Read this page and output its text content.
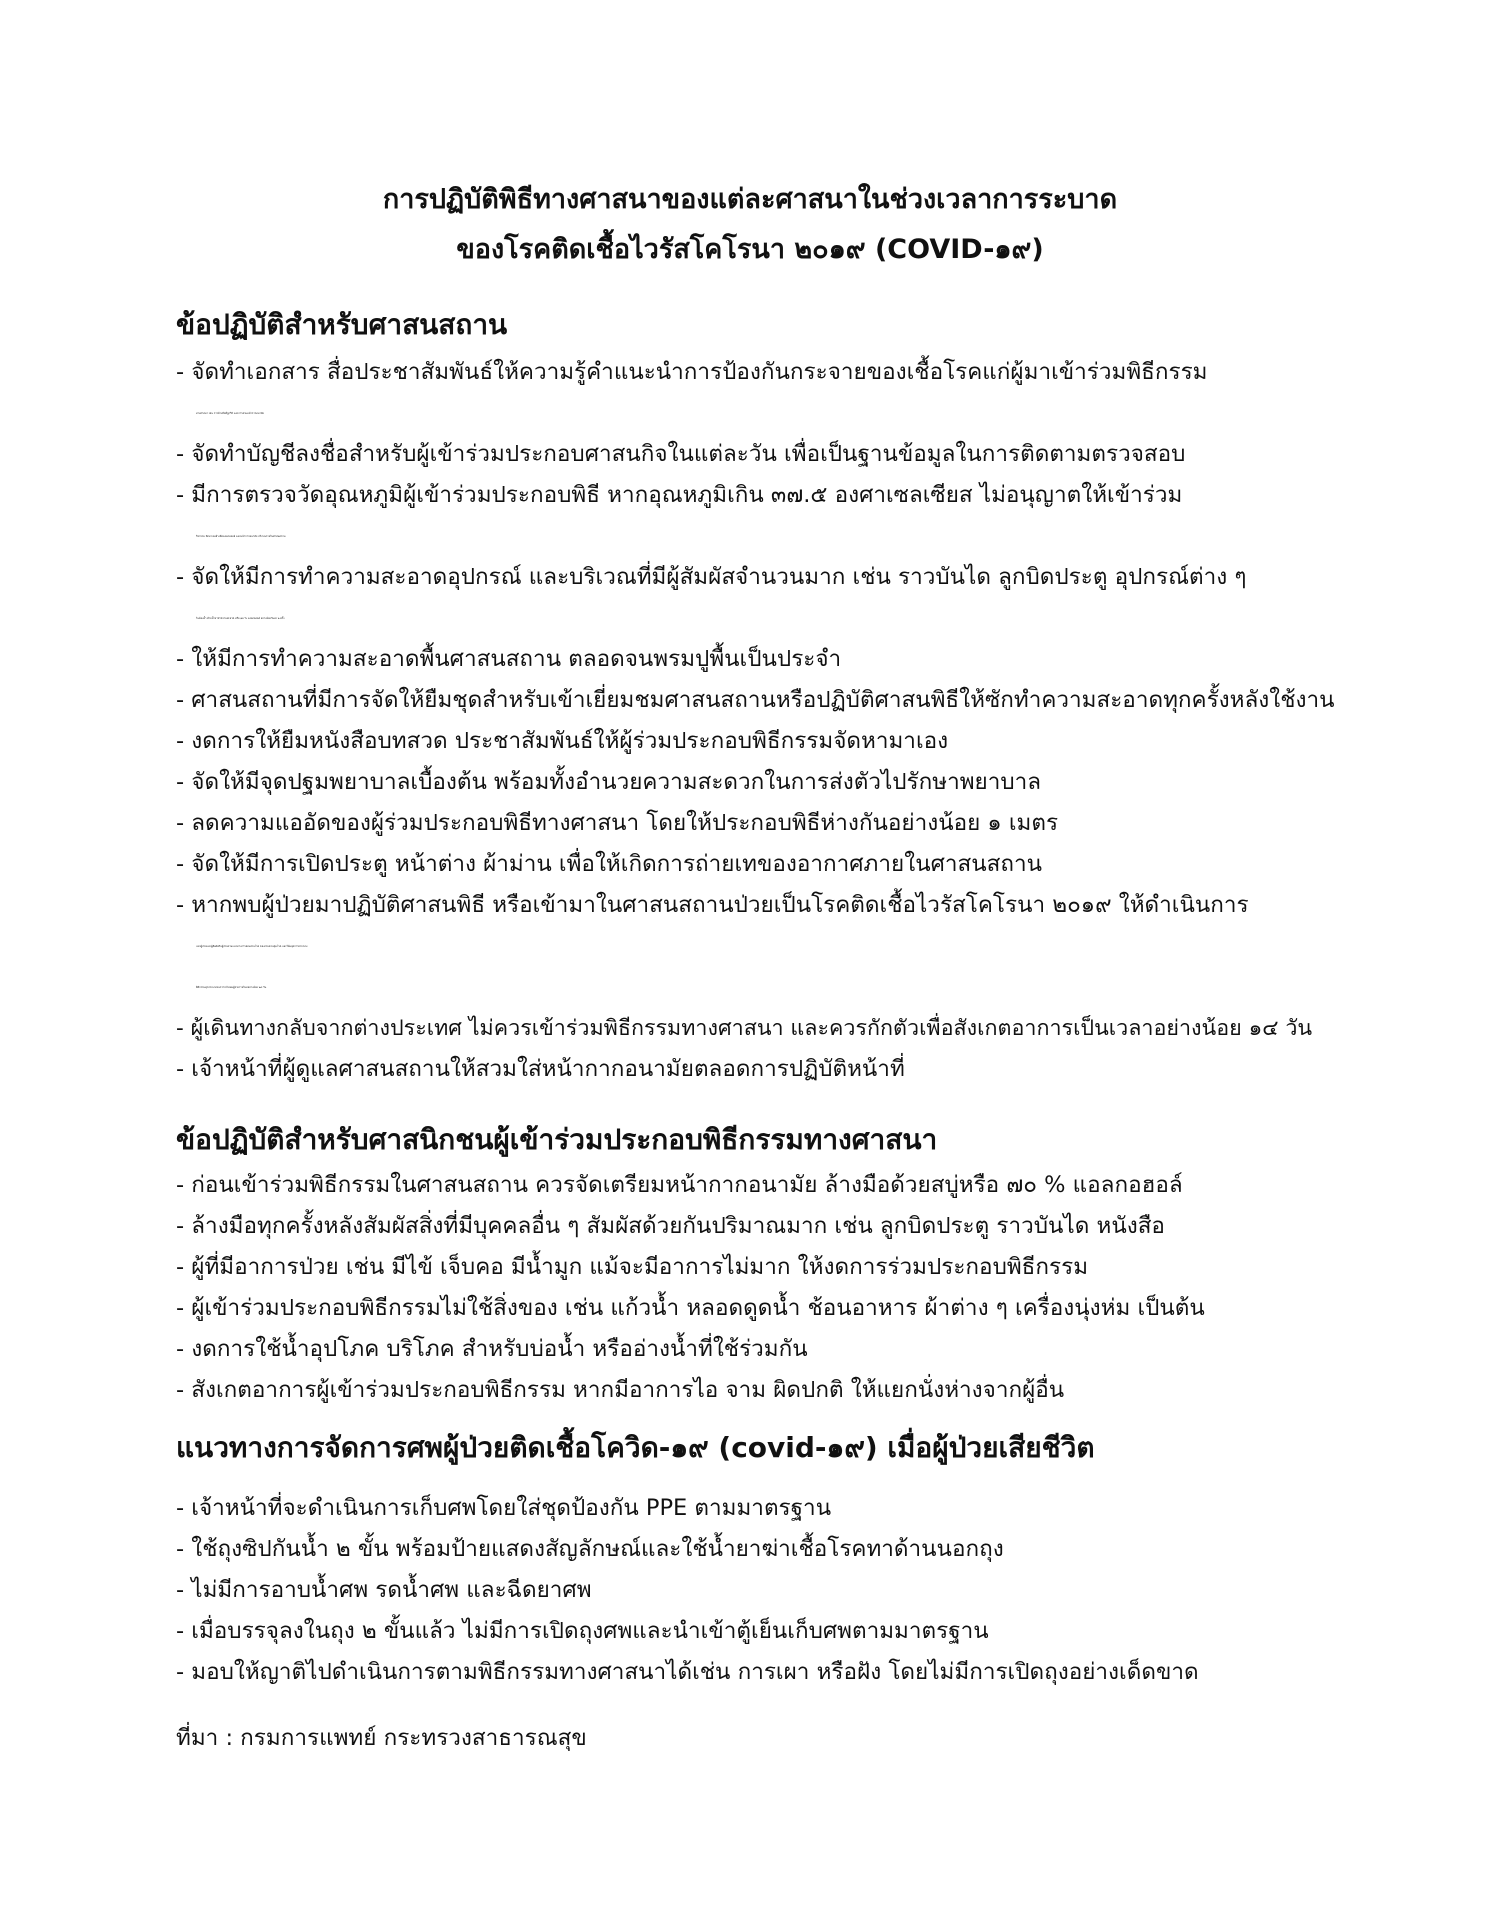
การปฏิบัติพิธีทางศาสนาของแต่ละศาสนาในช่วงเวลาการระบาด
ของโรคติดเชื้อไวรัสโคโรนา ๒๐๑๙ (COVID-๑๙)
ข้อปฏิบัติสำหรับศาสนสถาน
- จัดทำเอกสาร สื่อประชาสัมพันธ์ให้ความรู้คำแนะนำการป้องกันกระจายของเชื้อโรคแก่ผู้มาเข้าร่วมพิธีกรรม
ทางศาสนา เช่น การล้างมือที่ถูกวิธี และการสวมหน้ากากอนามัย
- จัดทำบัญชีลงชื่อสำหรับผู้เข้าร่วมประกอบศาสนกิจในแต่ละวัน เพื่อเป็นฐานข้อมูลในการติดตามตรวจสอบ
- มีการตรวจวัดอุณหภูมิผู้เข้าร่วมประกอบพิธี หากอุณหภูมิเกิน ๓๗.๕ องศาเซลเซียส ไม่อนุญาตให้เข้าร่วม
กิจกรรม จัดหาเจลล้างมือแอลกอฮอล์ และหน้ากากอนามัย บริเวณภายในศาสนสถาน
- จัดให้มีการทำความสะอาดอุปกรณ์ และบริเวณที่มีผู้สัมผัสจำนวนมาก เช่น ราวบันได ลูกบิดประตู อุปกรณ์ต่าง ๆ
ในห้องน้ำ ด้วยน้ำยาทำความสะอาด หรือ ๗๐ % แอลกอฮอล์ อย่างน้อยวันละ ๒ ครั้ง
- ให้มีการทำความสะอาดพื้นศาสนสถาน ตลอดจนพรมปูพื้นเป็นประจำ
- ศาสนสถานที่มีการจัดให้ยืมชุดสำหรับเข้าเยี่ยมชมศาสนสถานหรือปฏิบัติศาสนพิธีให้ซักทำความสะอาดทุกครั้งหลังใช้งาน
- งดการให้ยืมหนังสือบทสวด ประชาสัมพันธ์ให้ผู้ร่วมประกอบพิธีกรรมจัดหามาเอง
- จัดให้มีจุดปฐมพยาบาลเบื้องต้น พร้อมทั้งอำนวยความสะดวกในการส่งตัวไปรักษาพยาบาล
- ลดความแออัดของผู้ร่วมประกอบพิธีทางศาสนา โดยให้ประกอบพิธีห่างกันอย่างน้อย ๑ เมตร
- จัดให้มีการเปิดประตู หน้าต่าง ผ้าม่าน เพื่อให้เกิดการถ่ายเทของอากาศภายในศาสนสถาน
- หากพบผู้ป่วยมาปฏิบัติศาสนพิธี หรือเข้ามาในศาสนสถานป่วยเป็นโรคติดเชื้อไวรัสโคโรนา ๒๐๑๙ ให้ดำเนินการ
แยกผู้ป่วยและผู้สัมผัสกับผู้ป่วยตามแนวทางการสอบสวนโรค ของกรมควบคุมโรค และให้หยุดการประกอบ
พิธีกรรมทุกประเภทจนกว่าจะไม่พบผู้ป่วยรายใหม่อย่างน้อย ๒๘ วัน
- ผู้เดินทางกลับจากต่างประเทศ ไม่ควรเข้าร่วมพิธีกรรมทางศาสนา และควรกักตัวเพื่อสังเกตอาการเป็นเวลาอย่างน้อย ๑๔ วัน
- เจ้าหน้าที่ผู้ดูแลศาสนสถานให้สวมใส่หน้ากากอนามัยตลอดการปฏิบัติหน้าที่
ข้อปฏิบัติสำหรับศาสนิกชนผู้เข้าร่วมประกอบพิธีกรรมทางศาสนา
- ก่อนเข้าร่วมพิธีกรรมในศาสนสถาน ควรจัดเตรียมหน้ากากอนามัย ล้างมือด้วยสบู่หรือ ๗๐ % แอลกอฮอล์
- ล้างมือทุกครั้งหลังสัมผัสสิ่งที่มีบุคคลอื่น ๆ สัมผัสด้วยกันปริมาณมาก เช่น ลูกบิดประตู ราวบันได หนังสือ
- ผู้ที่มีอาการป่วย เช่น มีไข้ เจ็บคอ มีน้ำมูก แม้จะมีอาการไม่มาก ให้งดการร่วมประกอบพิธีกรรม
- ผู้เข้าร่วมประกอบพิธีกรรมไม่ใช้สิ่งของ เช่น แก้วน้ำ หลอดดูดน้ำ ช้อนอาหาร ผ้าต่าง ๆ เครื่องนุ่งห่ม เป็นต้น
- งดการใช้น้ำอุปโภค บริโภค สำหรับบ่อน้ำ หรืออ่างน้ำที่ใช้ร่วมกัน
- สังเกตอาการผู้เข้าร่วมประกอบพิธีกรรม หากมีอาการไอ จาม ผิดปกติ ให้แยกนั่งห่างจากผู้อื่น
แนวทางการจัดการศพผู้ป่วยติดเชื้อโควิด-๑๙ (covid-๑๙) เมื่อผู้ป่วยเสียชีวิต
- เจ้าหน้าที่จะดำเนินการเก็บศพโดยใส่ชุดป้องกัน PPE ตามมาตรฐาน
- ใช้ถุงซิปกันน้ำ ๒ ขั้น พร้อมป้ายแสดงสัญลักษณ์และใช้น้ำยาฆ่าเชื้อโรคทาด้านนอกถุง
- ไม่มีการอาบน้ำศพ รดน้ำศพ และฉีดยาศพ
- เมื่อบรรจุลงในถุง ๒ ขั้นแล้ว ไม่มีการเปิดถุงศพและนำเข้าตู้เย็นเก็บศพตามมาตรฐาน
- มอบให้ญาติไปดำเนินการตามพิธีกรรมทางศาสนาได้เช่น การเผา หรือฝัง โดยไม่มีการเปิดถุงอย่างเด็ดขาด
ที่มา : กรมการแพทย์ กระทรวงสาธารณสุข
